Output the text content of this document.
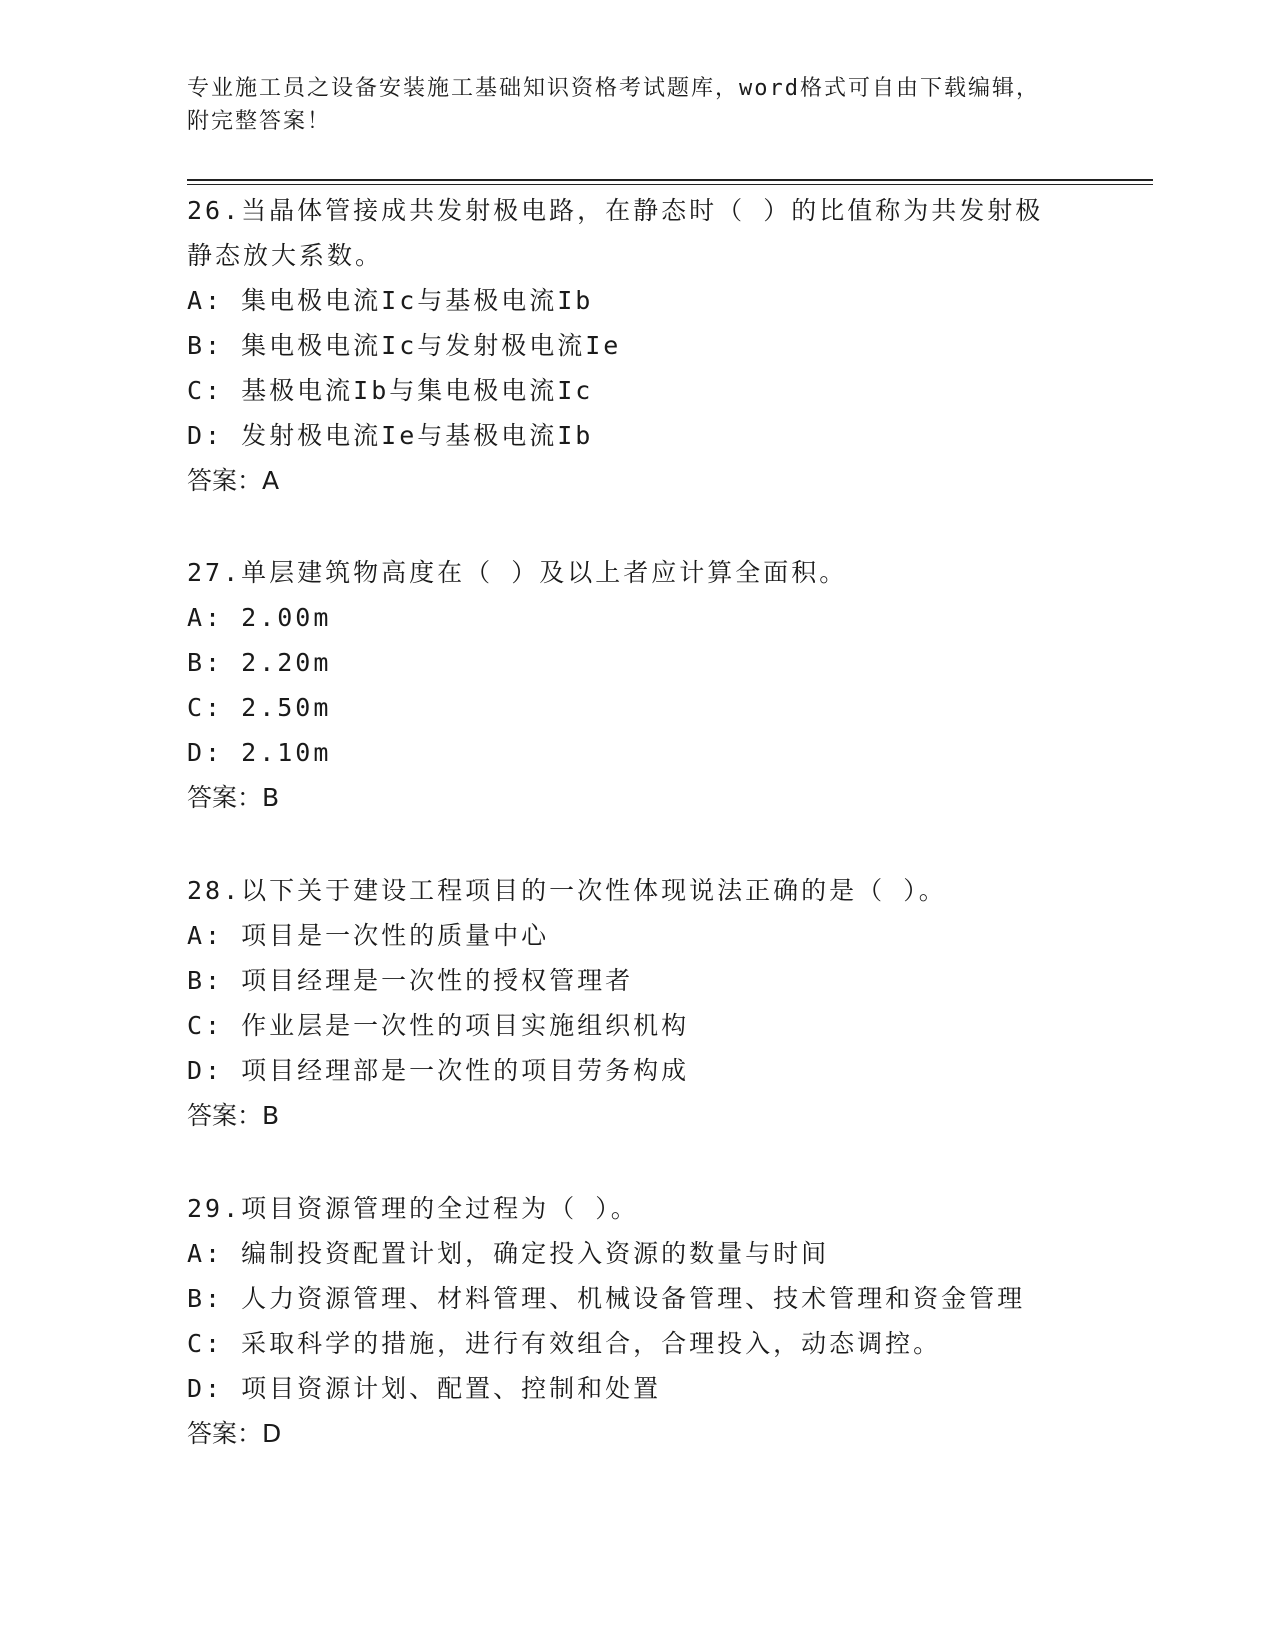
专业施工员之设备安装施工基础知识资格考试题库，word格式可自由下载编辑，
附完整答案！

26.当晶体管接成共发射极电路，在静态时（ ）的比值称为共发射极

静态放大系数。

A: 集电极电流Ic与基极电流Ib

B: 集电极电流Ic与发射极电流Ie

C: 基极电流Ib与集电极电流Ic

D: 发射极电流Ie与基极电流Ib

答案：A

27.单层建筑物高度在（ ）及以上者应计算全面积。

A: 2.00m

B: 2.20m

C: 2.50m

D: 2.10m

答案：B

28.以下关于建设工程项目的一次性体现说法正确的是（ ）。

A: 项目是一次性的质量中心

B: 项目经理是一次性的授权管理者

C: 作业层是一次性的项目实施组织机构

D: 项目经理部是一次性的项目劳务构成

答案：B

29.项目资源管理的全过程为（ ）。

A: 编制投资配置计划，确定投入资源的数量与时间

B: 人力资源管理、材料管理、机械设备管理、技术管理和资金管理

C: 采取科学的措施，进行有效组合，合理投入，动态调控。

D: 项目资源计划、配置、控制和处置

答案：D
